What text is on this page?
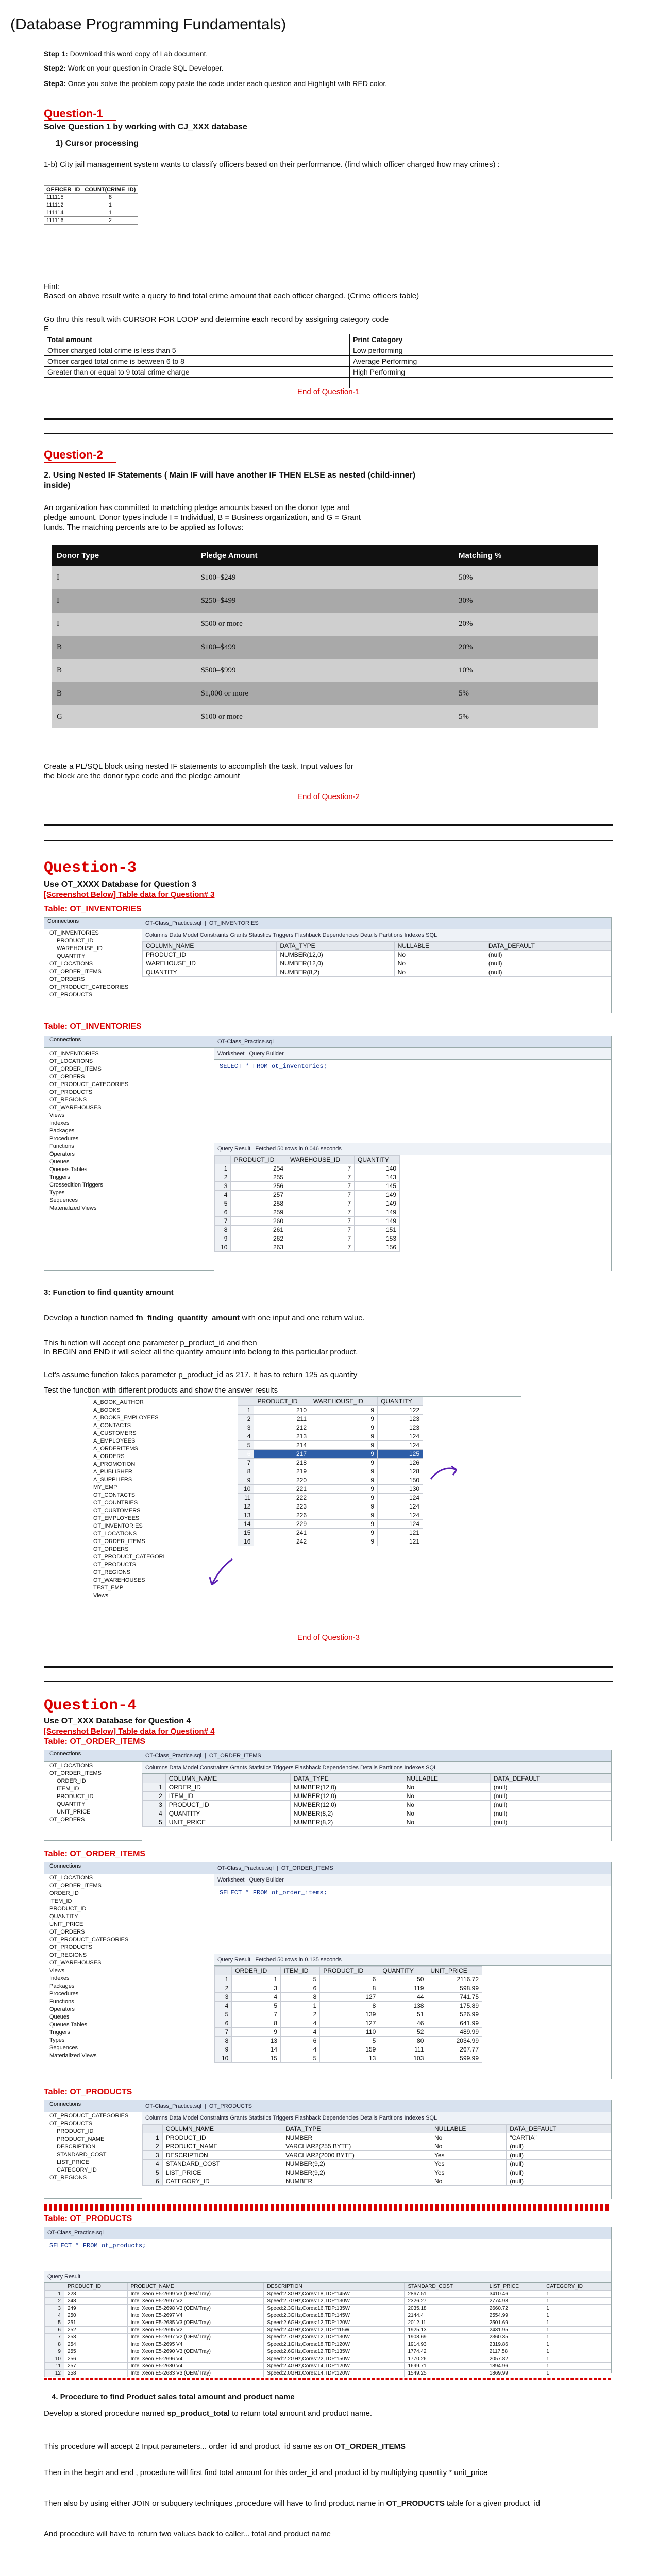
(Database Programming Fundamentals)
Step 1: Download this word copy of Lab document.
Step2: Work on your question in Oracle SQL Developer.
Step3: Once you solve the problem copy paste the code under each question and Highlight with RED color.
Question-1
Solve Question 1 by working with CJ_XXX database
1) Cursor processing
1-b) City jail management system wants to classify officers based on their performance. (find which officer charged how may crimes) :
OFFICER_ID	COUNT(CRIME_ID)
111115	8
111112	1
111114	1
111116	2
Hint:
Based on above result write a query to find total crime amount that each officer charged. (Crime officers table)
Go thru this result with CURSOR FOR LOOP and determine each record by assigning category code
E
Total amount	Print Category
Officer charged total crime is less than 5	Low performing
Officer carged total crime is between 6 to 8	Average Performing
Greater than or equal to 9 total crime charge	High Performing

End of Question-1
Question-2
2. Using Nested IF Statements ( Main IF will have another IF THEN ELSE as nested (child-inner)
inside)
An organization has committed to matching pledge amounts based on the donor type and
pledge amount. Donor types include I = Individual, B = Business organization, and G = Grant
funds. The matching percents are to be applied as follows:
Donor Type	Pledge Amount	Matching %
I	$100–$249	50%
I	$250–$499	30%
I	$500 or more	20%
B	$100–$499	20%
B	$500–$999	10%
B	$1,000 or more	5%
G	$100 or more	5%
Create a PL/SQL block using nested IF statements to accomplish the task. Input values for
the block are the donor type code and the pledge amount
End of Question-2
Question-3
Use OT_XXXX Database for Question 3
[Screenshot Below] Table data for Question# 3
Table: OT_INVENTORIES
Connections
OT_INVENTORIES
PRODUCT_ID
WAREHOUSE_ID
QUANTITY
OT_LOCATIONS
OT_ORDER_ITEMS
OT_ORDERS
OT_PRODUCT_CATEGORIES
OT_PRODUCTS
OT-Class_Practice.sql  |  OT_INVENTORIES
Columns Data Model Constraints Grants Statistics Triggers Flashback Dependencies Details Partitions Indexes SQL
COLUMN_NAME	DATA_TYPE	NULLABLE	DATA_DEFAULT
PRODUCT_ID	NUMBER(12,0)	No	(null)
WAREHOUSE_ID	NUMBER(12,0)	No	(null)
QUANTITY	NUMBER(8,2)	No	(null)
Table: OT_INVENTORIES
Connections
OT_INVENTORIES
OT_LOCATIONS
OT_ORDER_ITEMS
OT_ORDERS
OT_PRODUCT_CATEGORIES
OT_PRODUCTS
OT_REGIONS
OT_WAREHOUSES
Views
Indexes
Packages
Procedures
Functions
Operators
Queues
Queues Tables
Triggers
Crossedition Triggers
Types
Sequences
Materialized Views
OT-Class_Practice.sql
Worksheet Query Builder
SELECT * FROM ot_inventories;
Query Result Fetched 50 rows in 0.046 seconds
	PRODUCT_ID	WAREHOUSE_ID	QUANTITY
1	254	7	140
2	255	7	143
3	256	7	145
4	257	7	149
5	258	7	149
6	259	7	149
7	260	7	149
8	261	7	151
9	262	7	153
10	263	7	156
3: Function to find quantity amount
Develop a function named fn_finding_quantity_amount with one input and one return value.
This function will accept one parameter p_product_id and then
In BEGIN and END it will select all the quantity amount info belong to this particular product.
Let's assume function takes parameter p_product_id as 217. It has to return 125 as quantity
Test the function with different products and show the answer results
A_BOOK_AUTHOR
A_BOOKS
A_BOOKS_EMPLOYEES
A_CONTACTS
A_CUSTOMERS
A_EMPLOYEES
A_ORDERITEMS
A_ORDERS
A_PROMOTION
A_PUBLISHER
A_SUPPLIERS
MY_EMP
OT_CONTACTS
OT_COUNTRIES
OT_CUSTOMERS
OT_EMPLOYEES
OT_INVENTORIES
OT_LOCATIONS
OT_ORDER_ITEMS
OT_ORDERS
OT_PRODUCT_CATEGORI
OT_PRODUCTS
OT_REGIONS
OT_WAREHOUSES
TEST_EMP
Views
	PRODUCT_ID	WAREHOUSE_ID	QUANTITY
1	210	9	122
2	211	9	123
3	212	9	123
4	213	9	124
5	214	9	124
6	217	9	125
7	218	9	126
8	219	9	128
9	220	9	150
10	221	9	130
11	222	9	124
12	223	9	124
13	226	9	124
14	229	9	124
15	241	9	121
16	242	9	121
End of Question-3
Question-4
Use OT_XXX Database for Question 4
[Screenshot Below] Table data for Question# 4
Table: OT_ORDER_ITEMS
Connections
OT_LOCATIONS
OT_ORDER_ITEMS
ORDER_ID
ITEM_ID
PRODUCT_ID
QUANTITY
UNIT_PRICE
OT_ORDERS
OT-Class_Practice.sql  |  OT_ORDER_ITEMS
Columns Data Model Constraints Grants Statistics Triggers Flashback Dependencies Details Partitions Indexes SQL
	COLUMN_NAME	DATA_TYPE	NULLABLE	DATA_DEFAULT
1	ORDER_ID	NUMBER(12,0)	No	(null)
2	ITEM_ID	NUMBER(12,0)	No	(null)
3	PRODUCT_ID	NUMBER(12,0)	No	(null)
4	QUANTITY	NUMBER(8,2)	No	(null)
5	UNIT_PRICE	NUMBER(8,2)	No	(null)
Table: OT_ORDER_ITEMS
Connections
OT_LOCATIONS
OT_ORDER_ITEMS
ORDER_ID
ITEM_ID
PRODUCT_ID
QUANTITY
UNIT_PRICE
OT_ORDERS
OT_PRODUCT_CATEGORIES
OT_PRODUCTS
OT_REGIONS
OT_WAREHOUSES
Views
Indexes
Packages
Procedures
Functions
Operators
Queues
Queues Tables
Triggers
Types
Sequences
Materialized Views
OT-Class_Practice.sql  |  OT_ORDER_ITEMS
Worksheet Query Builder
SELECT * FROM ot_order_items;
Query Result Fetched 50 rows in 0.135 seconds
	ORDER_ID	ITEM_ID	PRODUCT_ID	QUANTITY	UNIT_PRICE
1	1	5	6	50	2116.72
2	3	6	8	119	598.99
3	4	8	127	44	741.75
4	5	1	8	138	175.89
5	7	2	139	51	526.99
6	8	4	127	46	641.99
7	9	4	110	52	489.99
8	13	6	5	80	2034.99
9	14	4	159	111	267.77
10	15	5	13	103	599.99
Table: OT_PRODUCTS
Connections
OT_PRODUCT_CATEGORIES
OT_PRODUCTS
PRODUCT_ID
PRODUCT_NAME
DESCRIPTION
STANDARD_COST
LIST_PRICE
CATEGORY_ID
OT_REGIONS
OT-Class_Practice.sql  |  OT_PRODUCTS
Columns Data Model Constraints Grants Statistics Triggers Flashback Dependencies Details Partitions Indexes SQL
	COLUMN_NAME	DATA_TYPE	NULLABLE	DATA_DEFAULT
1	PRODUCT_ID	NUMBER	No	"CARTIA"
2	PRODUCT_NAME	VARCHAR2(255 BYTE)	No	(null)
3	DESCRIPTION	VARCHAR2(2000 BYTE)	Yes	(null)
4	STANDARD_COST	NUMBER(9,2)	Yes	(null)
5	LIST_PRICE	NUMBER(9,2)	Yes	(null)
6	CATEGORY_ID	NUMBER	No	(null)
Table: OT_PRODUCTS
OT-Class_Practice.sql
SELECT * FROM ot_products;
Query Result
	PRODUCT_ID	PRODUCT_NAME	DESCRIPTION	STANDARD_COST	LIST_PRICE	CATEGORY_ID
1	228	Intel Xeon E5-2699 V3 (OEM/Tray)	Speed:2.3GHz,Cores:18,TDP:145W	2867.51	3410.46	1
2	248	Intel Xeon E5-2697 V2	Speed:2.7GHz,Cores:12,TDP:130W	2326.27	2774.98	1
3	249	Intel Xeon E5-2698 V3 (OEM/Tray)	Speed:2.3GHz,Cores:16,TDP:135W	2035.18	2660.72	1
4	250	Intel Xeon E5-2697 V4	Speed:2.3GHz,Cores:18,TDP:145W	2144.4	2554.99	1
5	251	Intel Xeon E5-2685 V3 (OEM/Tray)	Speed:2.6GHz,Cores:12,TDP:120W	2012.11	2501.69	1
6	252	Intel Xeon E5-2695 V2	Speed:2.4GHz,Cores:12,TDP:115W	1925.13	2431.95	1
7	253	Intel Xeon E5-2697 V2 (OEM/Tray)	Speed:2.7GHz,Cores:12,TDP:130W	1908.69	2360.35	1
8	254	Intel Xeon E5-2695 V4	Speed:2.1GHz,Cores:18,TDP:120W	1914.93	2319.86	1
9	255	Intel Xeon E5-2690 V3 (OEM/Tray)	Speed:2.6GHz,Cores:12,TDP:135W	1774.42	2117.58	1
10	256	Intel Xeon E5-2696 V4	Speed:2.2GHz,Cores:22,TDP:150W	1770.26	2057.82	1
11	257	Intel Xeon E5-2680 V4	Speed:2.4GHz,Cores:14,TDP:120W	1699.71	1894.96	1
12	258	Intel Xeon E5-2683 V3 (OEM/Tray)	Speed:2.0GHz,Cores:14,TDP:120W	1549.25	1869.99	1
4. Procedure to find Product sales total amount and product name
Develop a stored procedure named sp_product_total to return total amount and product name.
This procedure will accept 2 Input parameters... order_id and product_id same as on OT_ORDER_ITEMS
Then in the begin and end , procedure will first find total amount for this order_id and product id by multiplying quantity * unit_price
Then also by using either JOIN or subquery techniques ,procedure will have to find product name in OT_PRODUCTS table for a given product_id
And procedure will have to return two values back to caller... total and product name
